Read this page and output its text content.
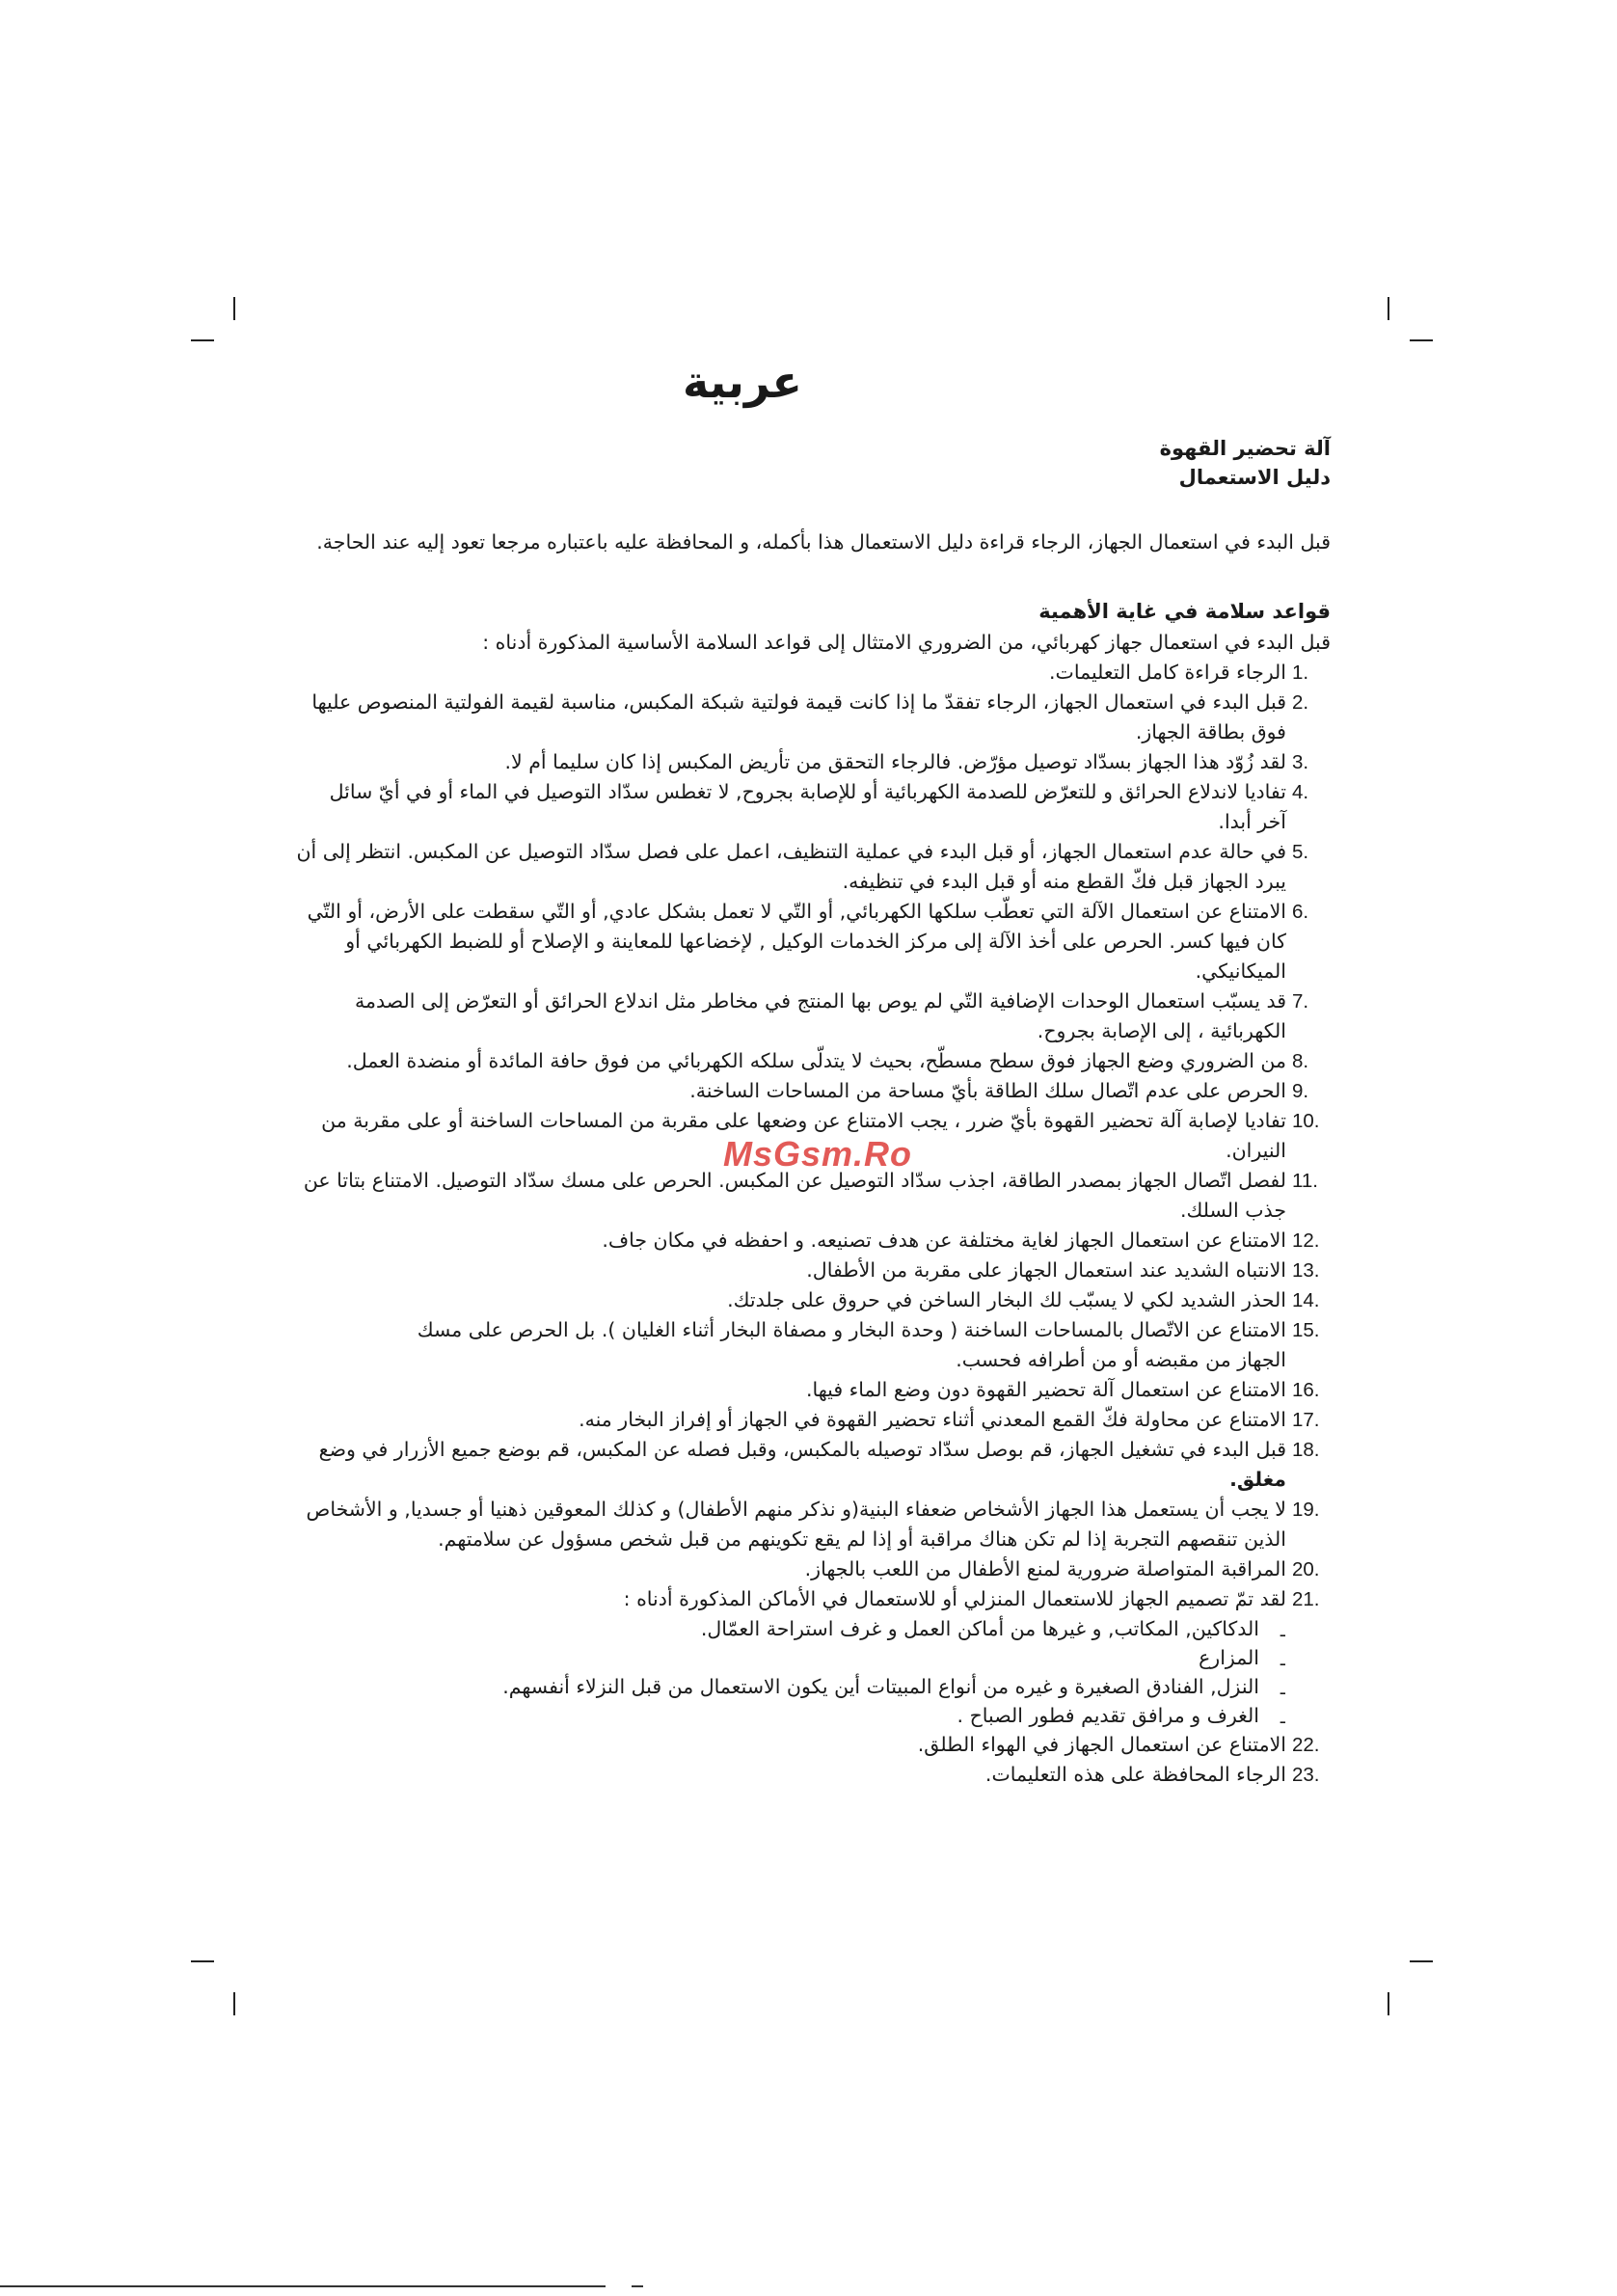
عربية
آلة تحضير القهوة
دليل الاستعمال
قبل البدء في استعمال الجهاز، الرجاء قراءة دليل الاستعمال هذا بأكمله، و المحافظة عليه باعتباره مرجعا تعود إليه عند الحاجة.
قواعد سلامة في غاية الأهمية
قبل البدء في استعمال جهاز كهربائي، من الضروري الامتثال إلى قواعد السلامة الأساسية المذكورة أدناه :
1.
الرجاء قراءة كامل التعليمات.
2.
قبل البدء في استعمال الجهاز، الرجاء تفقدّ ما إذا كانت قيمة فولتية شبكة المكبس، مناسبة لقيمة الفولتية المنصوص عليها فوق بطاقة الجهاز.
3.
لقد زُوّد هذا الجهاز بسدّاد توصيل مؤرّض. فالرجاء التحقق من تأريض المكبس إذا كان سليما أم لا.
4.
تفاديا لاندلاع الحرائق و للتعرّض للصدمة الكهربائية أو للإصابة بجروح, لا تغطس سدّاد التوصيل في الماء أو في أيّ سائل آخر أبدا.
5.
في حالة عدم استعمال الجهاز، أو قبل البدء في عملية التنظيف، اعمل على فصل سدّاد التوصيل عن المكبس. انتظر إلى أن يبرد الجهاز قبل فكّ القطع منه أو قبل البدء في تنظيفه.
6.
الامتناع عن استعمال الآلة التي تعطّب سلكها الكهربائي, أو التّي لا تعمل بشكل عادي, أو التّي سقطت على الأرض، أو التّي كان فيها كسر. الحرص على أخذ الآلة إلى مركز الخدمات الوكيل , لإخضاعها للمعاينة و الإصلاح أو للضبط الكهربائي أو الميكانيكي.
7.
قد يسبّب استعمال الوحدات الإضافية التّي لم يوص بها المنتج في مخاطر مثل اندلاع الحرائق أو التعرّض إلى الصدمة الكهربائية ، إلى الإصابة بجروح.
8.
من الضروري وضع الجهاز فوق سطح مسطّح، بحيث لا يتدلّى سلكه الكهربائي من فوق حافة المائدة أو منضدة العمل.
9.
الحرص على عدم اتّصال سلك الطاقة بأيّ مساحة من المساحات الساخنة.
10.
تفاديا لإصابة آلة تحضير القهوة بأيّ ضرر ، يجب الامتناع عن وضعها على مقربة من المساحات الساخنة أو على مقربة من النيران.
11.
لفصل اتّصال الجهاز بمصدر الطاقة، اجذب سدّاد التوصيل عن المكبس. الحرص على مسك سدّاد التوصيل. الامتناع بتاتا عن جذب السلك.
12.
الامتناع عن استعمال الجهاز لغاية مختلفة عن هدف تصنيعه. و احفظه في مكان جاف.
13.
الانتباه الشديد عند استعمال الجهاز على مقربة من الأطفال.
14.
الحذر الشديد لكي لا يسبّب لك البخار الساخن في حروق على جلدتك.
15.
الامتناع عن الاتّصال بالمساحات الساخنة ( وحدة البخار و مصفاة البخار أثناء الغليان ). بل الحرص على مسك الجهاز من مقبضه أو من أطرافه فحسب.
16.
الامتناع عن استعمال آلة تحضير القهوة دون وضع الماء فيها.
17.
الامتناع عن محاولة فكّ القمع المعدني أثناء تحضير القهوة في الجهاز أو إفراز البخار منه.
18.
قبل البدء في تشغيل الجهاز، قم بوصل سدّاد توصيله بالمكبس، وقبل فصله عن المكبس، قم بوضع جميع الأزرار في وضع مغلق.
19.
لا يجب أن يستعمل هذا الجهاز الأشخاص ضعفاء البنية(و نذكر منهم الأطفال) و كذلك المعوقين ذهنيا أو جسديا, و الأشخاص الذين تنقصهم التجربة إذا لم تكن هناك مراقبة أو إذا لم يقع تكوينهم من قبل شخص مسؤول عن سلامتهم.
20.
المراقبة المتواصلة ضرورية لمنع الأطفال من اللعب بالجهاز.
21.
لقد تمّ تصميم الجهاز للاستعمال المنزلي أو للاستعمال في الأماكن المذكورة أدناه :
-
الدكاكين, المكاتب, و غيرها من أماكن العمل و غرف استراحة العمّال.
-
المزارع
-
النزل, الفنادق الصغيرة و غيره من أنواع المبيتات أين يكون الاستعمال من قبل النزلاء أنفسهم.
-
الغرف و مرافق تقديم فطور الصباح .
22.
الامتناع عن استعمال الجهاز في الهواء الطلق.
23.
الرجاء المحافظة على هذه التعليمات.
MsGsm.Ro
